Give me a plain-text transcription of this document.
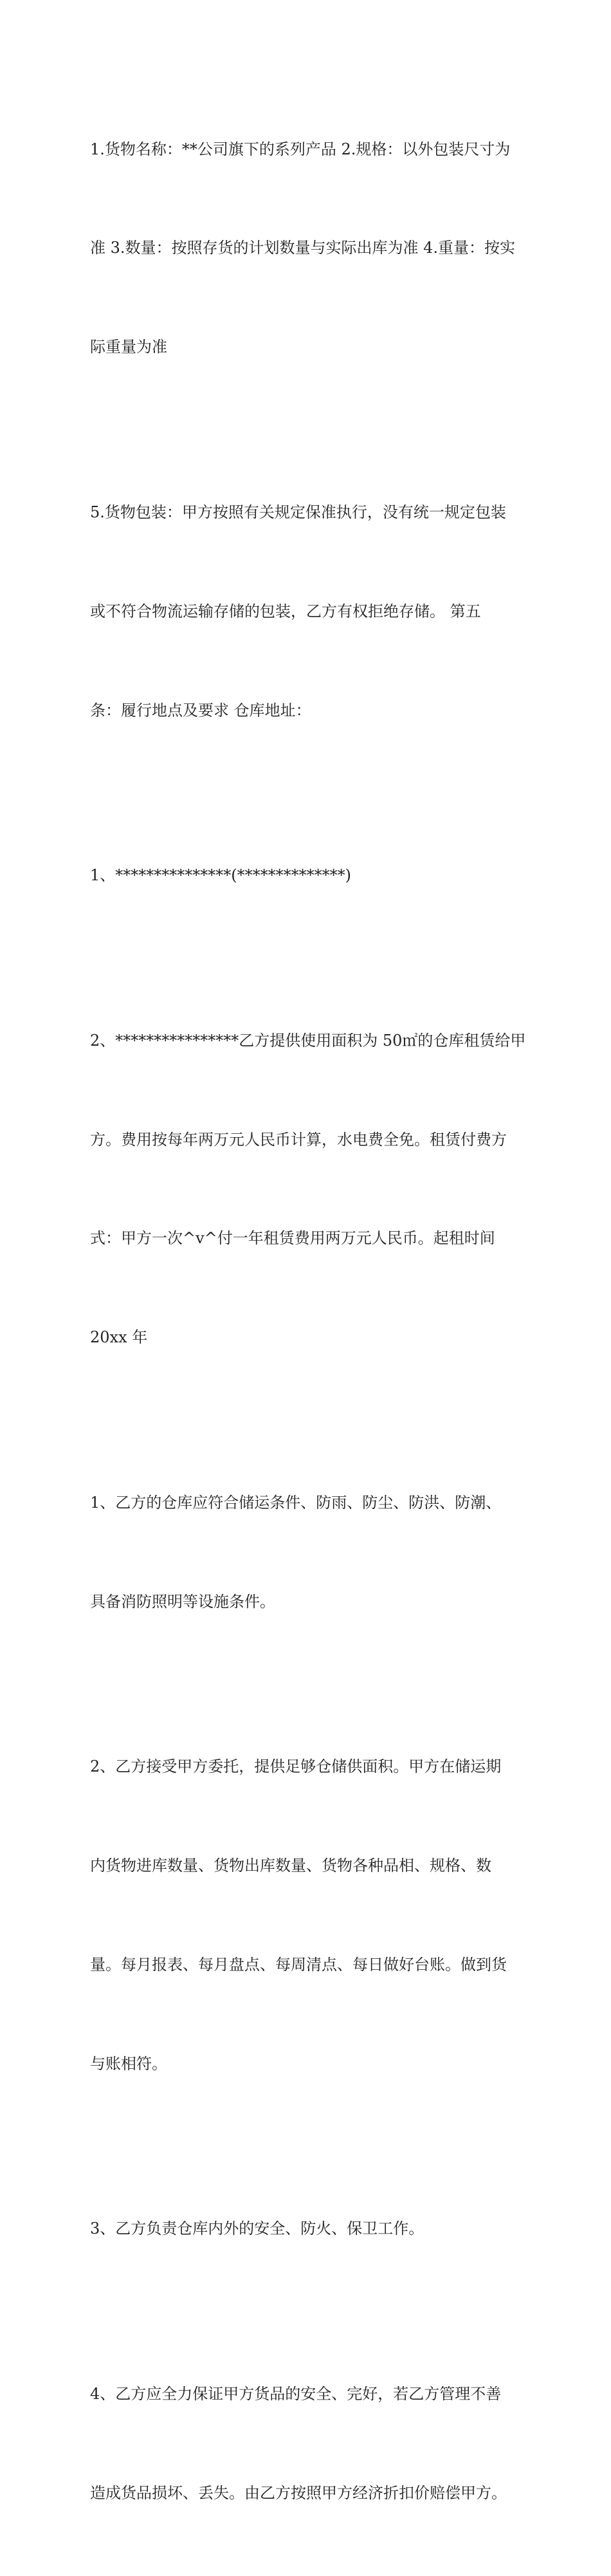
1.货物名称：**公司旗下的系列产品 2.规格：以外包装尺寸为

准 3.数量：按照存货的计划数量与实际出库为准 4.重量：按实

际重量为准

5.货物包装：甲方按照有关规定保准执行，没有统一规定包装

或不符合物流运输存储的包装，乙方有权拒绝存储。 第五

条：履行地点及要求 仓库地址：

1、***************(**************)

2、****************乙方提供使用面积为 50㎡的仓库租赁给甲

方。费用按每年两万元人民币计算，水电费全免。租赁付费方

式：甲方一次^v^付一年租赁费用两万元人民币。起租时间

20xx 年

1、乙方的仓库应符合储运条件、防雨、防尘、防洪、防潮、

具备消防照明等设施条件。

2、乙方接受甲方委托，提供足够仓储供面积。甲方在储运期

内货物进库数量、货物出库数量、货物各种品相、规格、数

量。每月报表、每月盘点、每周清点、每日做好台账。做到货

与账相符。

3、乙方负责仓库内外的安全、防火、保卫工作。

4、乙方应全力保证甲方货品的安全、完好，若乙方管理不善

造成货品损坏、丢失。由乙方按照甲方经济折扣价赔偿甲方。
